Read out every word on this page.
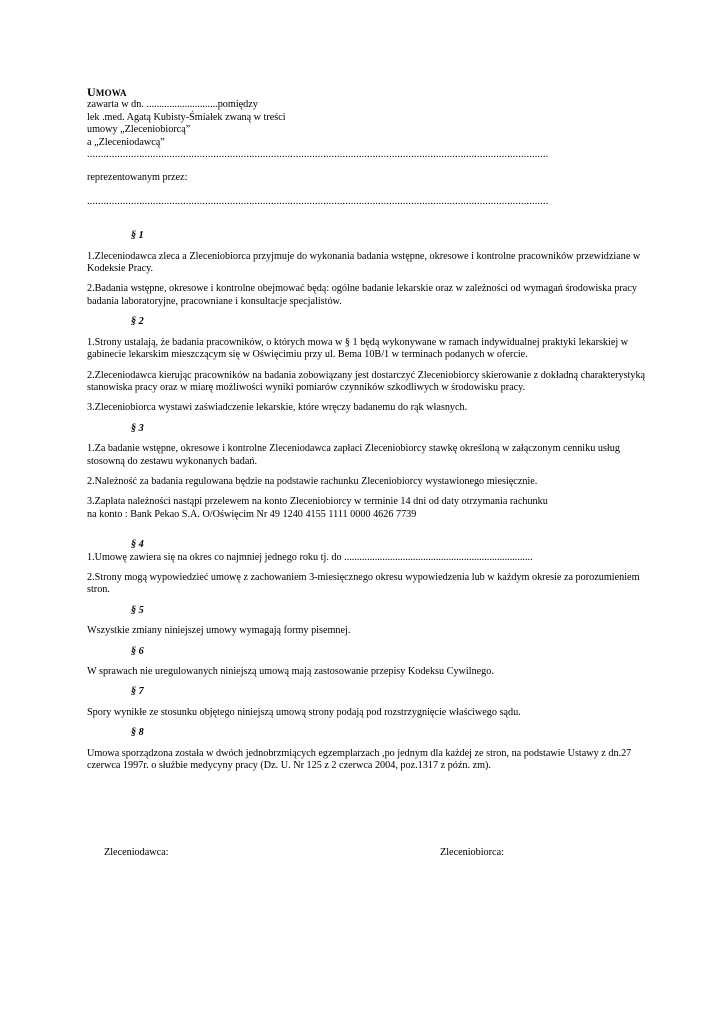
UMOWA

zawarta w dn. ............................pomiędzy

lek .med. Agatą Kubisty-Śmiałek zwaną w treści

umowy „Zleceniobiorcą”

a „Zleceniodawcą”

........................................................................................................................................................................

reprezentowanym przez:

........................................................................................................................................................................

§ 1

1.Zleceniodawca zleca a Zleceniobiorca przyjmuje do wykonania badania wstępne, okresowe i kontrolne pracowników przewidziane w Kodeksie Pracy.

2.Badania wstępne, okresowe i kontrolne obejmować będą: ogólne badanie lekarskie oraz w zależności od wymagań środowiska pracy badania laboratoryjne, pracowniane i konsultacje specjalistów.

§ 2

1.Strony ustalają, że badania pracowników, o których mowa w § 1 będą wykonywane w ramach indywidualnej praktyki lekarskiej w gabinecie lekarskim mieszczącym się w Oświęcimiu przy ul. Bema 10B/1 w terminach podanych w ofercie.

2.Zleceniodawca kierując pracowników na badania zobowiązany jest dostarczyć Zleceniobiorcy skierowanie z dokładną charakterystyką stanowiska pracy oraz w miarę możliwości wyniki pomiarów czynników szkodliwych w środowisku pracy.

3.Zleceniobiorca wystawi zaświadczenie lekarskie, które wręczy badanemu do rąk własnych.

§ 3

1.Za badanie wstępne, okresowe i kontrolne Zleceniodawca zapłaci Zleceniobiorcy stawkę określoną w załączonym cenniku usług stosowną do zestawu wykonanych badań.

2.Należność za badania regulowana będzie na podstawie rachunku Zleceniobiorcy wystawionego miesięcznie.

3.Zapłata należności nastąpi przelewem na konto Zleceniobiorcy w terminie 14 dni od daty otrzymania rachunku

na konto : Bank Pekao S.A. O/Oświęcim Nr 49 1240 4155 1111 0000 4626 7739

§ 4

1.Umowę zawiera się na okres co najmniej jednego roku tj. do ..........................................................................

2.Strony mogą wypowiedzieć umowę z zachowaniem 3-miesięcznego okresu wypowiedzenia lub w każdym okresie za porozumieniem stron.

§ 5

Wszystkie zmiany niniejszej umowy wymagają formy pisemnej.

§ 6

W sprawach nie uregulowanych niniejszą umową mają zastosowanie przepisy Kodeksu Cywilnego.

§ 7

Spory wynikłe ze stosunku objętego niniejszą umową strony podają pod rozstrzygnięcie właściwego sądu.

§ 8

Umowa sporządzona została w dwóch jednobrzmiących egzemplarzach ,po jednym dla każdej ze stron, na podstawie Ustawy z dn.27 czerwca 1997r. o służbie medycyny pracy (Dz. U. Nr 125 z 2 czerwca 2004, poz.1317 z późn. zm).

Zleceniodawca:	Zleceniobiorca:
